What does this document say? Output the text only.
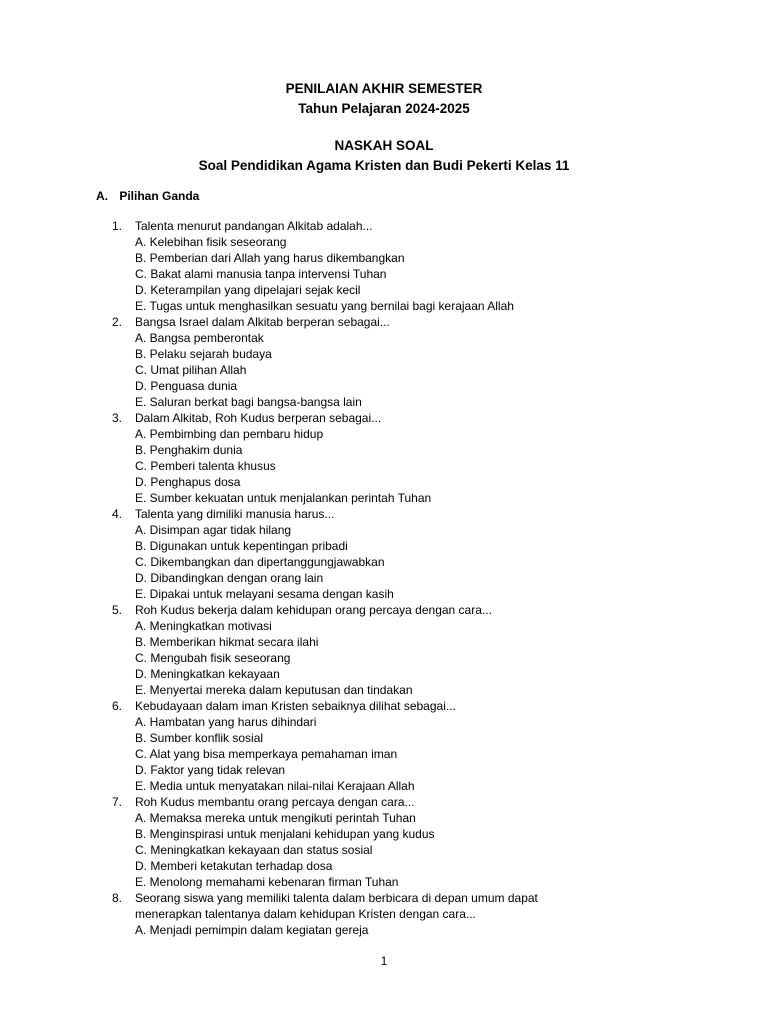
PENILAIAN AKHIR SEMESTER
Tahun Pelajaran 2024-2025
NASKAH SOAL
Soal Pendidikan Agama Kristen dan Budi Pekerti Kelas 11
A. Pilihan Ganda
1.	Talenta menurut pandangan Alkitab adalah...
A. Kelebihan fisik seseorang
B. Pemberian dari Allah yang harus dikembangkan
C. Bakat alami manusia tanpa intervensi Tuhan
D. Keterampilan yang dipelajari sejak kecil
E. Tugas untuk menghasilkan sesuatu yang bernilai bagi kerajaan Allah
2.	Bangsa Israel dalam Alkitab berperan sebagai...
A. Bangsa pemberontak
B. Pelaku sejarah budaya
C. Umat pilihan Allah
D. Penguasa dunia
E. Saluran berkat bagi bangsa-bangsa lain
3.	Dalam Alkitab, Roh Kudus berperan sebagai...
A. Pembimbing dan pembaru hidup
B. Penghakim dunia
C. Pemberi talenta khusus
D. Penghapus dosa
E. Sumber kekuatan untuk menjalankan perintah Tuhan
4.	Talenta yang dimiliki manusia harus...
A. Disimpan agar tidak hilang
B. Digunakan untuk kepentingan pribadi
C. Dikembangkan dan dipertanggungjawabkan
D. Dibandingkan dengan orang lain
E. Dipakai untuk melayani sesama dengan kasih
5.	Roh Kudus bekerja dalam kehidupan orang percaya dengan cara...
A. Meningkatkan motivasi
B. Memberikan hikmat secara ilahi
C. Mengubah fisik seseorang
D. Meningkatkan kekayaan
E. Menyertai mereka dalam keputusan dan tindakan
6.	Kebudayaan dalam iman Kristen sebaiknya dilihat sebagai...
A. Hambatan yang harus dihindari
B. Sumber konflik sosial
C. Alat yang bisa memperkaya pemahaman iman
D. Faktor yang tidak relevan
E. Media untuk menyatakan nilai-nilai Kerajaan Allah
7.	Roh Kudus membantu orang percaya dengan cara...
A. Memaksa mereka untuk mengikuti perintah Tuhan
B. Menginspirasi untuk menjalani kehidupan yang kudus
C. Meningkatkan kekayaan dan status sosial
D. Memberi ketakutan terhadap dosa
E. Menolong memahami kebenaran firman Tuhan
8.	Seorang siswa yang memiliki talenta dalam berbicara di depan umum dapat
menerapkan talentanya dalam kehidupan Kristen dengan cara...
A. Menjadi pemimpin dalam kegiatan gereja
1
